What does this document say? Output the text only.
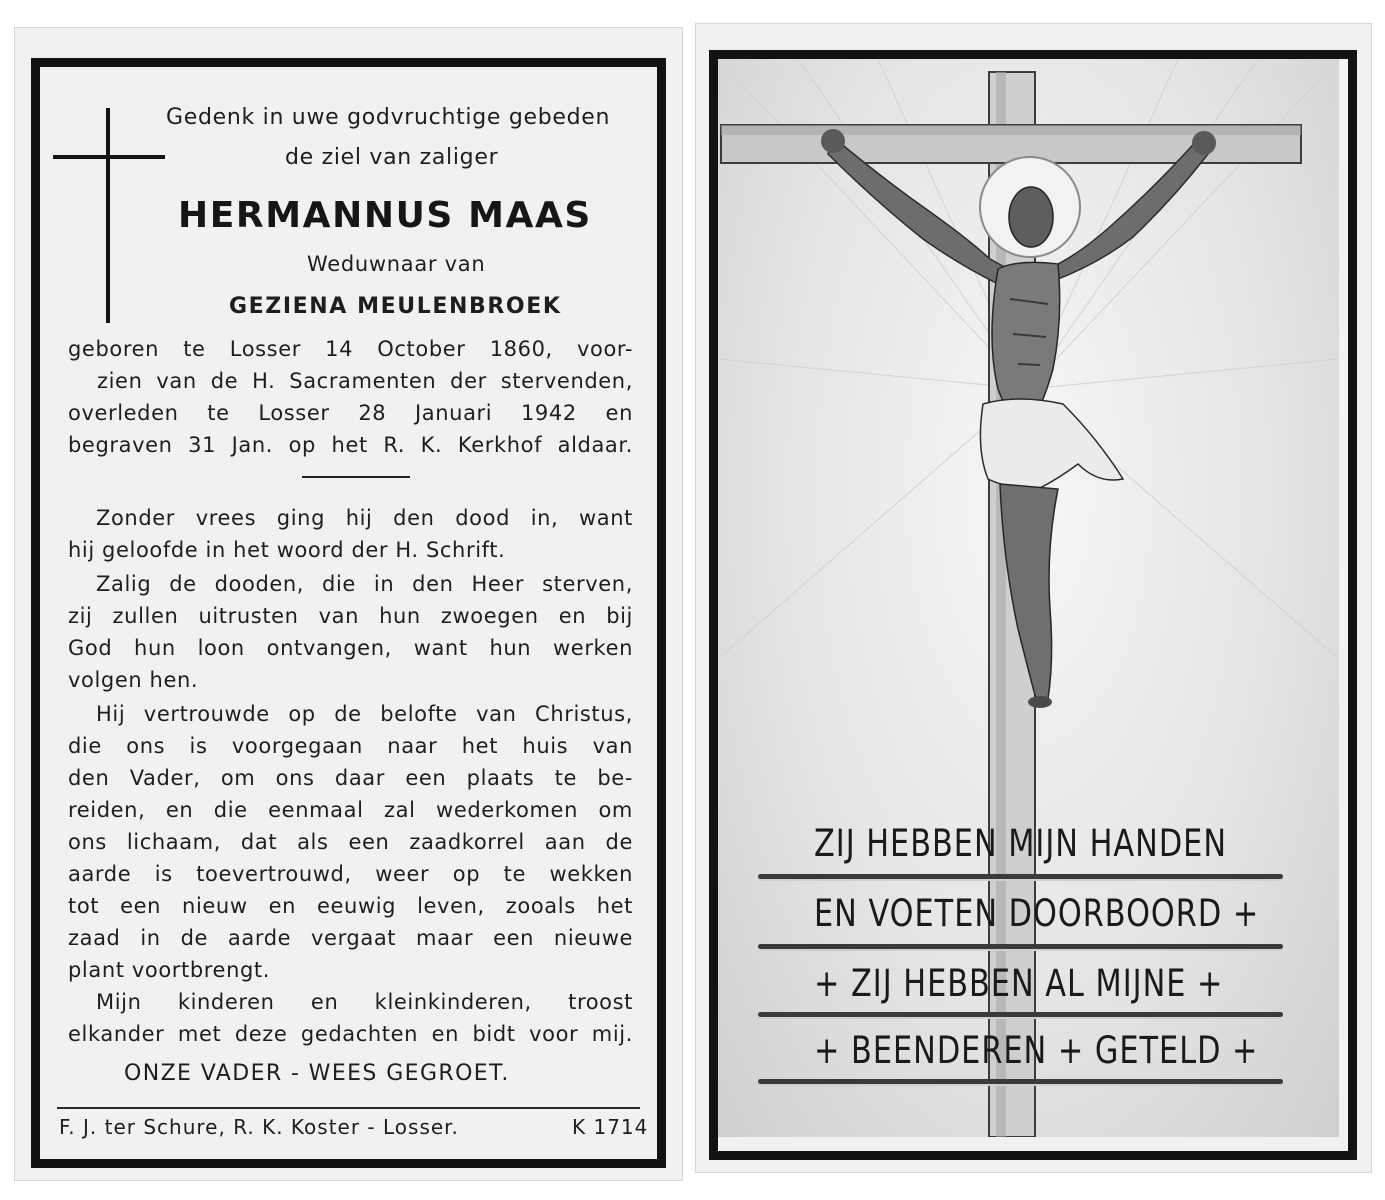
Gedenk in uwe godvruchtige gebeden
de ziel van zaliger
HERMANNUS MAAS
Weduwnaar van
GEZIENA MEULENBROEK
geboren te Losser 14 October 1860, voor-
zien van de H. Sacramenten der stervenden,
overleden te Losser 28 Januari 1942 en
begraven 31 Jan. op het R. K. Kerkhof aldaar.
Zonder vrees ging hij den dood in, want
hij geloofde in het woord der H. Schrift.
Zalig de dooden, die in den Heer sterven,
zij zullen uitrusten van hun zwoegen en bij
God hun loon ontvangen, want hun werken
volgen hen.
Hij vertrouwde op de belofte van Christus,
die ons is voorgegaan naar het huis van
den Vader, om ons daar een plaats te be-
reiden, en die eenmaal zal wederkomen om
ons lichaam, dat als een zaadkorrel aan de
aarde is toevertrouwd, weer op te wekken
tot een nieuw en eeuwig leven, zooals het
zaad in de aarde vergaat maar een nieuwe
plant voortbrengt.
Mijn kinderen en kleinkinderen, troost
elkander met deze gedachten en bidt voor mij.
ONZE VADER - WEES GEGROET.
F. J. ter Schure, R. K. Koster - Losser.	K 1714
ZIJ HEBBEN MIJN HANDEN
EN VOETEN DOORBOORD +
+ ZIJ HEBBEN AL MIJNE +
+ BEENDEREN + GETELD +
